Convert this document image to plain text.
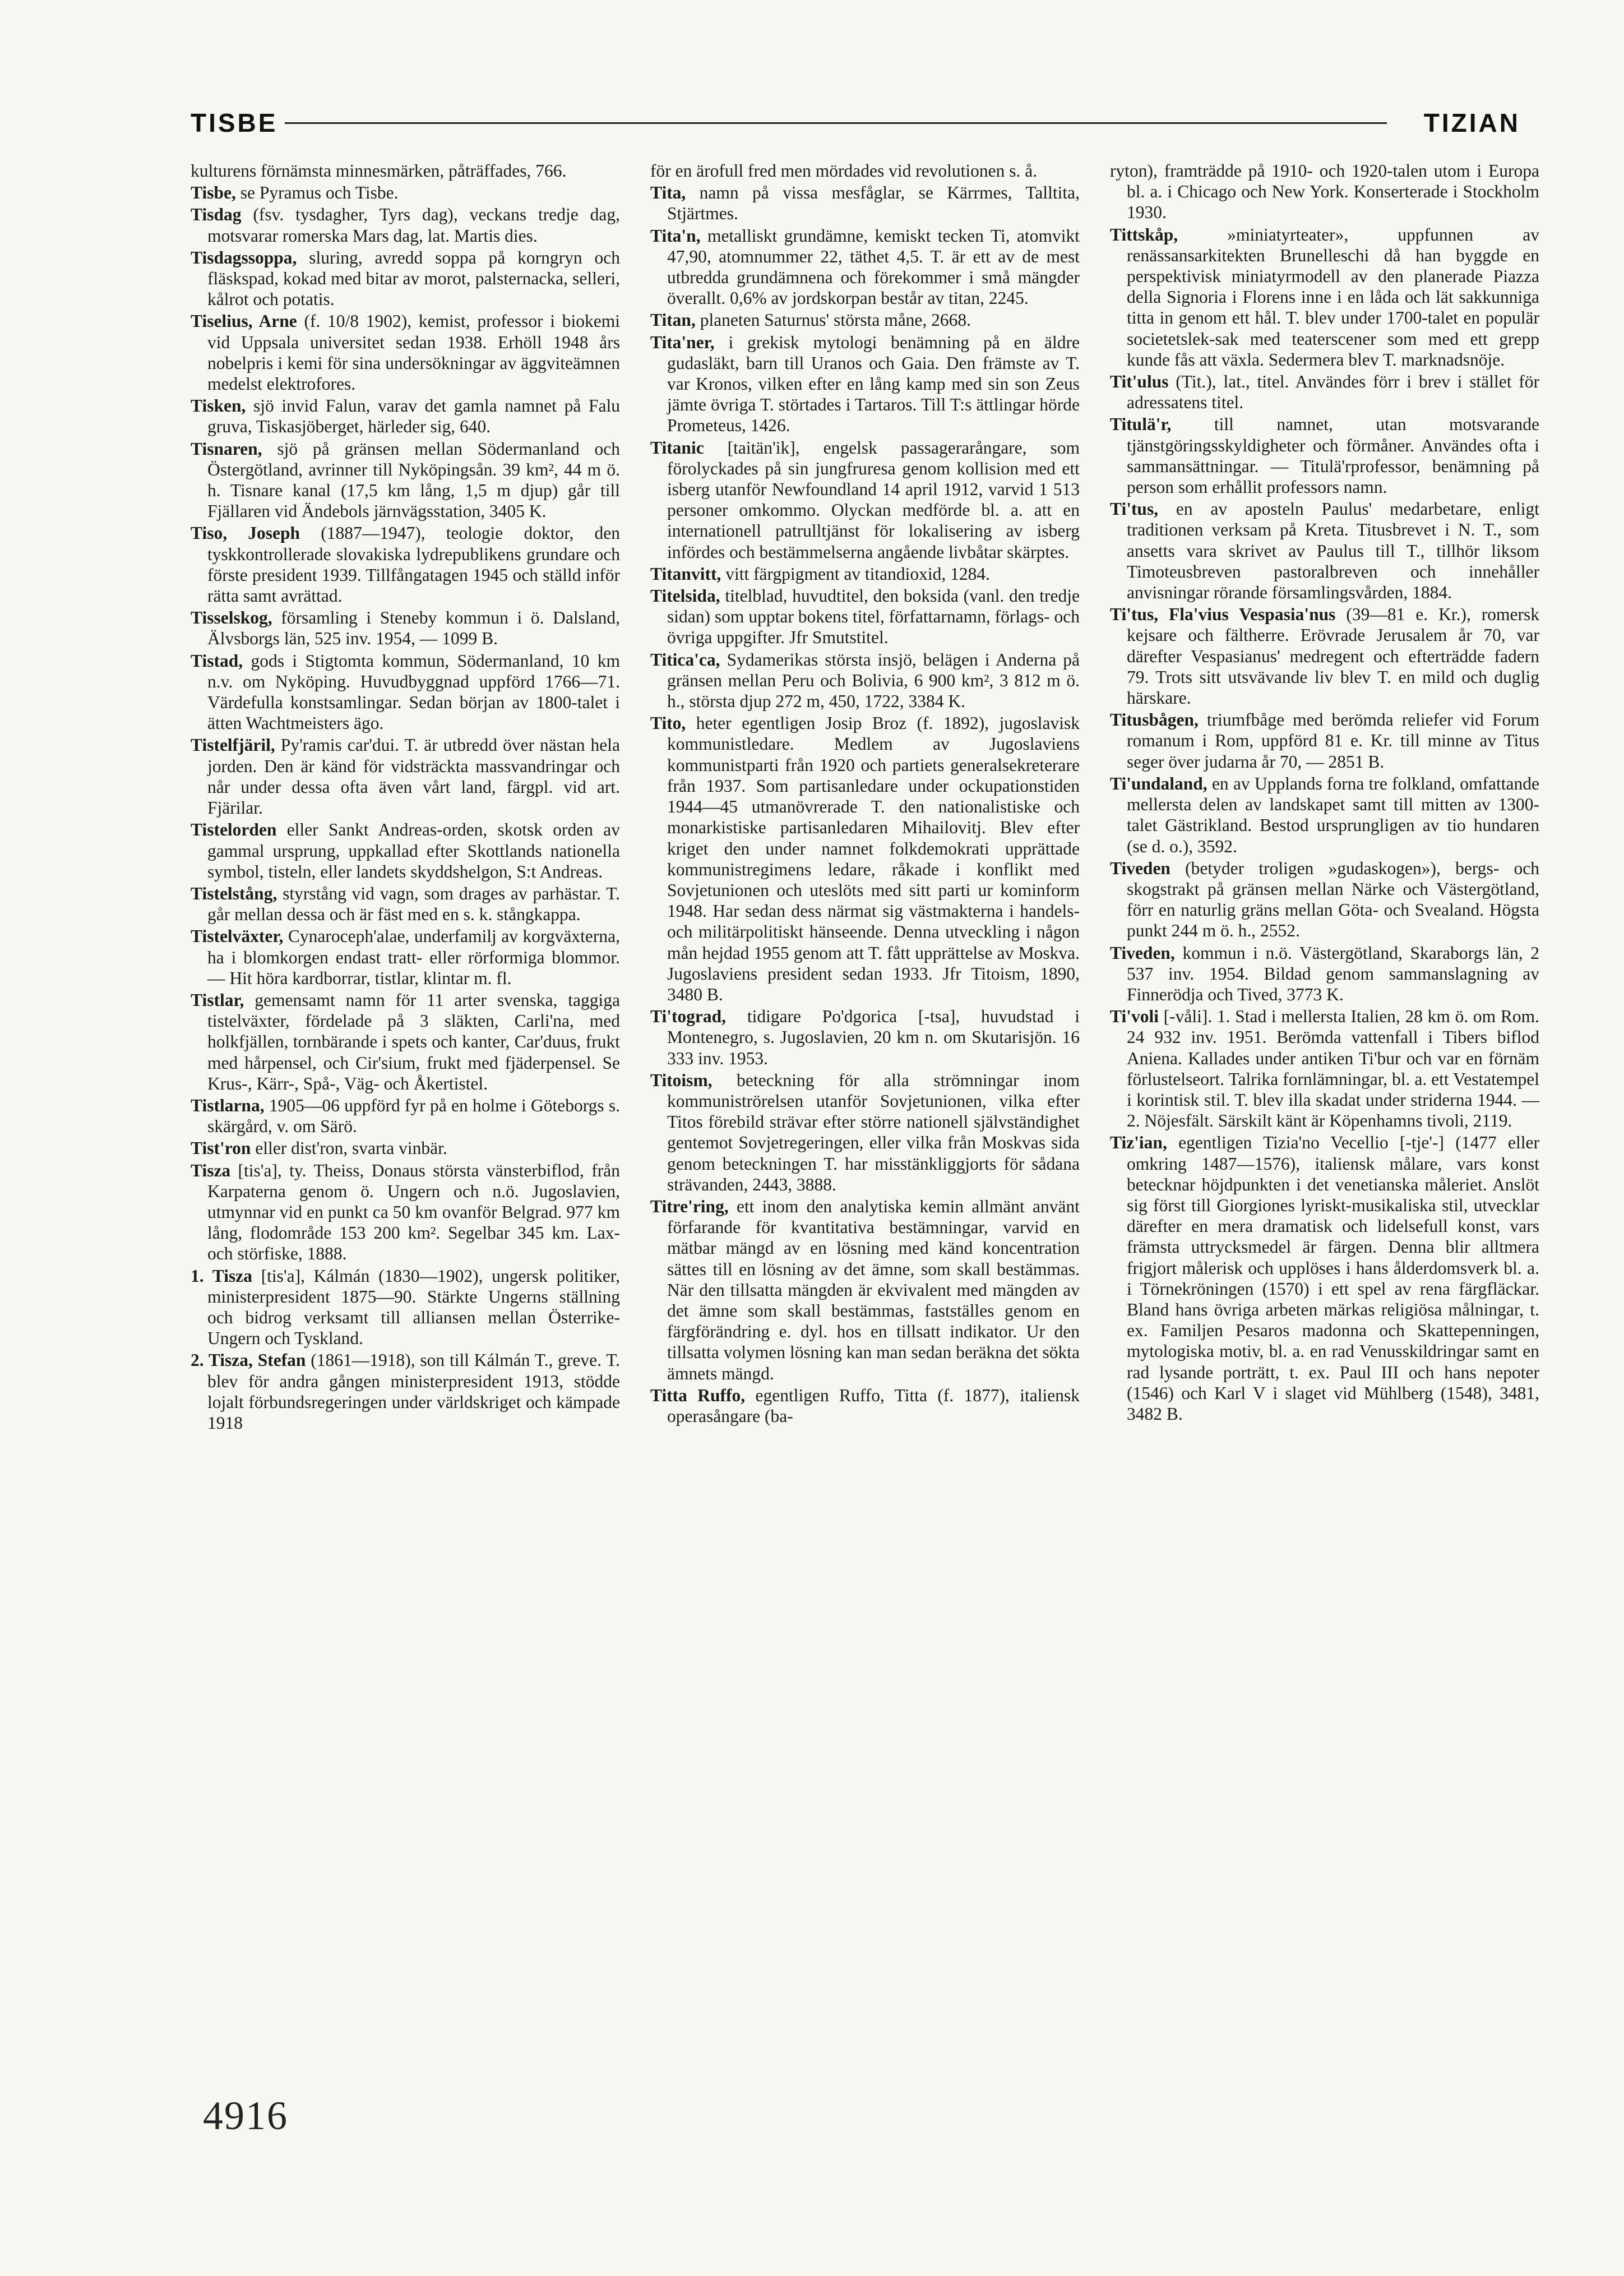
TISBE	TIZIAN
kulturens förnämsta minnesmärken, påträffades, 766.
Tisbe, se Pyramus och Tisbe.
Tisdag (fsv. tysdagher, Tyrs dag), veckans tredje dag, motsvarar romerska Mars dag, lat. Martis dies.
Tisdagssoppa, sluring, avredd soppa på korngryn och fläskspad, kokad med bitar av morot, palsternacka, selleri, kålrot och potatis.
Tiselius, Arne (f. 10/8 1902), kemist, professor i biokemi vid Uppsala universitet sedan 1938. Erhöll 1948 års nobelpris i kemi för sina undersökningar av äggviteämnen medelst elektrofores.
Tisken, sjö invid Falun, varav det gamla namnet på Falu gruva, Tiskasjöberget, härleder sig, 640.
Tisnaren, sjö på gränsen mellan Södermanland och Östergötland, avrinner till Nyköpingsån. 39 km², 44 m ö. h. Tisnare kanal (17,5 km lång, 1,5 m djup) går till Fjällaren vid Ändebols järnvägsstation, 3405 K.
Tiso, Joseph (1887—1947), teologie doktor, den tyskkontrollerade slovakiska lydrepublikens grundare och förste president 1939. Tillfångatagen 1945 och ställd inför rätta samt avrättad.
Tisselskog, församling i Steneby kommun i ö. Dalsland, Älvsborgs län, 525 inv. 1954, — 1099 B.
Tistad, gods i Stigtomta kommun, Södermanland, 10 km n.v. om Nyköping. Huvudbyggnad uppförd 1766—71. Värdefulla konstsamlingar. Sedan början av 1800-talet i ätten Wachtmeisters ägo.
Tistelfjäril, Py'ramis car'dui. T. är utbredd över nästan hela jorden. Den är känd för vidsträckta massvandringar och når under dessa ofta även vårt land, färgpl. vid art. Fjärilar.
Tistelorden eller Sankt Andreas-orden, skotsk orden av gammal ursprung, uppkallad efter Skottlands nationella symbol, tisteln, eller landets skyddshelgon, S:t Andreas.
Tistelstång, styrstång vid vagn, som drages av parhästar. T. går mellan dessa och är fäst med en s. k. stångkappa.
Tistelväxter, Cynaroceph'alae, underfamilj av korgväxterna, ha i blomkorgen endast tratt- eller rörformiga blommor. — Hit höra kardborrar, tistlar, klintar m. fl.
Tistlar, gemensamt namn för 11 arter svenska, taggiga tistelväxter, fördelade på 3 släkten, Carli'na, med holkfjällen, tornbärande i spets och kanter, Car'duus, frukt med hårpensel, och Cir'sium, frukt med fjäderpensel. Se Krus-, Kärr-, Spå-, Väg- och Åkertistel.
Tistlarna, 1905—06 uppförd fyr på en holme i Göteborgs s. skärgård, v. om Särö.
Tist'ron eller dist'ron, svarta vinbär.
Tisza [tis'a], ty. Theiss, Donaus största vänsterbiflod, från Karpaterna genom ö. Ungern och n.ö. Jugoslavien, utmynnar vid en punkt ca 50 km ovanför Belgrad. 977 km lång, flodområde 153 200 km². Segelbar 345 km. Lax- och störfiske, 1888.
1. Tisza [tis'a], Kálmán (1830—1902), ungersk politiker, ministerpresident 1875—90. Stärkte Ungerns ställning och bidrog verksamt till alliansen mellan Österrike-Ungern och Tyskland.
2. Tisza, Stefan (1861—1918), son till Kálmán T., greve. T. blev för andra gången ministerpresident 1913, stödde lojalt förbundsregeringen under världskriget och kämpade 1918
för en ärofull fred men mördades vid revolutionen s. å.
Tita, namn på vissa mesfåglar, se Kärrmes, Talltita, Stjärtmes.
Tita'n, metalliskt grundämne, kemiskt tecken Ti, atomvikt 47,90, atomnummer 22, täthet 4,5. T. är ett av de mest utbredda grundämnena och förekommer i små mängder överallt. 0,6% av jordskorpan består av titan, 2245.
Titan, planeten Saturnus' största måne, 2668.
Tita'ner, i grekisk mytologi benämning på en äldre gudasläkt, barn till Uranos och Gaia. Den främste av T. var Kronos, vilken efter en lång kamp med sin son Zeus jämte övriga T. störtades i Tartaros. Till T:s ättlingar hörde Prometeus, 1426.
Titanic [taitän'ik], engelsk passagerarångare, som förolyckades på sin jungfruresa genom kollision med ett isberg utanför Newfoundland 14 april 1912, varvid 1 513 personer omkommo. Olyckan medförde bl. a. att en internationell patrulltjänst för lokalisering av isberg infördes och bestämmelserna angående livbåtar skärptes.
Titanvitt, vitt färgpigment av titandioxid, 1284.
Titelsida, titelblad, huvudtitel, den boksida (vanl. den tredje sidan) som upptar bokens titel, författarnamn, förlags- och övriga uppgifter. Jfr Smutstitel.
Titica'ca, Sydamerikas största insjö, belägen i Anderna på gränsen mellan Peru och Bolivia, 6 900 km², 3 812 m ö. h., största djup 272 m, 450, 1722, 3384 K.
Tito, heter egentligen Josip Broz (f. 1892), jugoslavisk kommunistledare. Medlem av Jugoslaviens kommunistparti från 1920 och partiets generalsekreterare från 1937. Som partisanledare under ockupationstiden 1944—45 utmanövrerade T. den nationalistiske och monarkistiske partisanledaren Mihailovitj. Blev efter kriget den under namnet folkdemokrati upprättade kommunistregimens ledare, råkade i konflikt med Sovjetunionen och uteslöts med sitt parti ur kominform 1948. Har sedan dess närmat sig västmakterna i handels- och militärpolitiskt hänseende. Denna utveckling i någon mån hejdad 1955 genom att T. fått upprättelse av Moskva. Jugoslaviens president sedan 1933. Jfr Titoism, 1890, 3480 B.
Ti'tograd, tidigare Po'dgorica [-tsa], huvudstad i Montenegro, s. Jugoslavien, 20 km n. om Skutarisjön. 16 333 inv. 1953.
Titoism, beteckning för alla strömningar inom kommuniströrelsen utanför Sovjetunionen, vilka efter Titos förebild strävar efter större nationell självständighet gentemot Sovjetregeringen, eller vilka från Moskvas sida genom beteckningen T. har misstänkliggjorts för sådana strävanden, 2443, 3888.
Titre'ring, ett inom den analytiska kemin allmänt använt förfarande för kvantitativa bestämningar, varvid en mätbar mängd av en lösning med känd koncentration sättes till en lösning av det ämne, som skall bestämmas. När den tillsatta mängden är ekvivalent med mängden av det ämne som skall bestämmas, fastställes genom en färgförändring e. dyl. hos en tillsatt indikator. Ur den tillsatta volymen lösning kan man sedan beräkna det sökta ämnets mängd.
Titta Ruffo, egentligen Ruffo, Titta (f. 1877), italiensk operasångare (ba-
ryton), framträdde på 1910- och 1920-talen utom i Europa bl. a. i Chicago och New York. Konserterade i Stockholm 1930.
Tittskåp, »miniatyrteater», uppfunnen av renässansarkitekten Brunelleschi då han byggde en perspektivisk miniatyrmodell av den planerade Piazza della Signoria i Florens inne i en låda och lät sakkunniga titta in genom ett hål. T. blev under 1700-talet en populär societetslek-sak med teaterscener som med ett grepp kunde fås att växla. Sedermera blev T. marknadsnöje.
Tit'ulus (Tit.), lat., titel. Användes förr i brev i stället för adressatens titel.
Titulä'r, till namnet, utan motsvarande tjänstgöringsskyldigheter och förmåner. Användes ofta i sammansättningar. — Titulä'rprofessor, benämning på person som erhållit professors namn.
Ti'tus, en av aposteln Paulus' medarbetare, enligt traditionen verksam på Kreta. Titusbrevet i N. T., som ansetts vara skrivet av Paulus till T., tillhör liksom Timoteusbreven pastoralbreven och innehåller anvisningar rörande församlingsvården, 1884.
Ti'tus, Fla'vius Vespasia'nus (39—81 e. Kr.), romersk kejsare och fältherre. Erövrade Jerusalem år 70, var därefter Vespasianus' medregent och efterträdde fadern 79. Trots sitt utsvävande liv blev T. en mild och duglig härskare.
Titusbågen, triumfbåge med berömda reliefer vid Forum romanum i Rom, uppförd 81 e. Kr. till minne av Titus seger över judarna år 70, — 2851 B.
Ti'undaland, en av Upplands forna tre folkland, omfattande mellersta delen av landskapet samt till mitten av 1300-talet Gästrikland. Bestod ursprungligen av tio hundaren (se d. o.), 3592.
Tiveden (betyder troligen »gudaskogen»), bergs- och skogstrakt på gränsen mellan Närke och Västergötland, förr en naturlig gräns mellan Göta- och Svealand. Högsta punkt 244 m ö. h., 2552.
Tiveden, kommun i n.ö. Västergötland, Skaraborgs län, 2 537 inv. 1954. Bildad genom sammanslagning av Finnerödja och Tived, 3773 K.
Ti'voli [-våli]. 1. Stad i mellersta Italien, 28 km ö. om Rom. 24 932 inv. 1951. Berömda vattenfall i Tibers biflod Aniena. Kallades under antiken Ti'bur och var en förnäm förlustelseort. Talrika fornlämningar, bl. a. ett Vestatempel i korintisk stil. T. blev illa skadat under striderna 1944. — 2. Nöjesfält. Särskilt känt är Köpenhamns tivoli, 2119.
Tiz'ian, egentligen Tizia'no Vecellio [-tje'-] (1477 eller omkring 1487—1576), italiensk målare, vars konst betecknar höjdpunkten i det venetianska måleriet. Anslöt sig först till Giorgiones lyriskt-musikaliska stil, utvecklar därefter en mera dramatisk och lidelsefull konst, vars främsta uttrycksmedel är färgen. Denna blir alltmera frigjort målerisk och upplöses i hans ålderdomsverk bl. a. i Törnekröningen (1570) i ett spel av rena färgfläckar. Bland hans övriga arbeten märkas religiösa målningar, t. ex. Familjen Pesaros madonna och Skattepenningen, mytologiska motiv, bl. a. en rad Venusskildringar samt en rad lysande porträtt, t. ex. Paul III och hans nepoter (1546) och Karl V i slaget vid Mühlberg (1548), 3481, 3482 B.
4916
